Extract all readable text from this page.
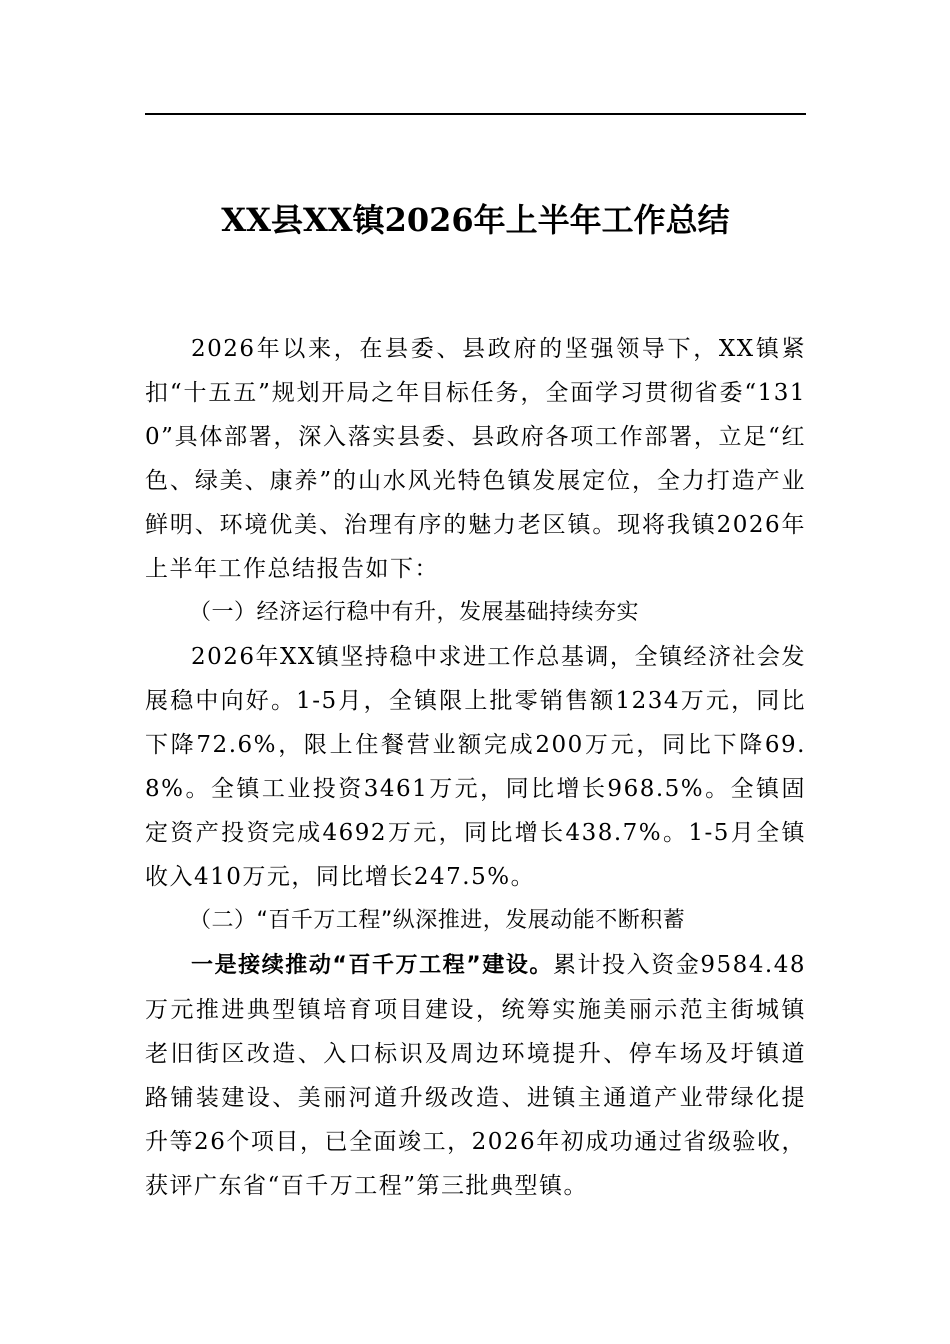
XX县XX镇2026年上半年工作总结

2026年以来，在县委、县政府的坚强领导下，XX镇紧扣“十五五”规划开局之年目标任务，全面学习贯彻省委“1310”具体部署，深入落实县委、县政府各项工作部署，立足“红色、绿美、康养”的山水风光特色镇发展定位，全力打造产业鲜明、环境优美、治理有序的魅力老区镇。现将我镇2026年上半年工作总结报告如下：

（一）经济运行稳中有升，发展基础持续夯实

2026年XX镇坚持稳中求进工作总基调，全镇经济社会发展稳中向好。1-5月，全镇限上批零销售额1234万元，同比下降72.6%，限上住餐营业额完成200万元，同比下降69.8%。全镇工业投资3461万元，同比增长968.5%。全镇固定资产投资完成4692万元，同比增长438.7%。1-5月全镇收入410万元，同比增长247.5%。

（二）“百千万工程”纵深推进，发展动能不断积蓄

一是接续推动“百千万工程”建设。累计投入资金9584.48万元推进典型镇培育项目建设，统筹实施美丽示范主街城镇老旧街区改造、入口标识及周边环境提升、停车场及圩镇道路铺装建设、美丽河道升级改造、进镇主通道产业带绿化提升等26个项目，已全面竣工，2026年初成功通过省级验收，获评广东省“百千万工程”第三批典型镇。
